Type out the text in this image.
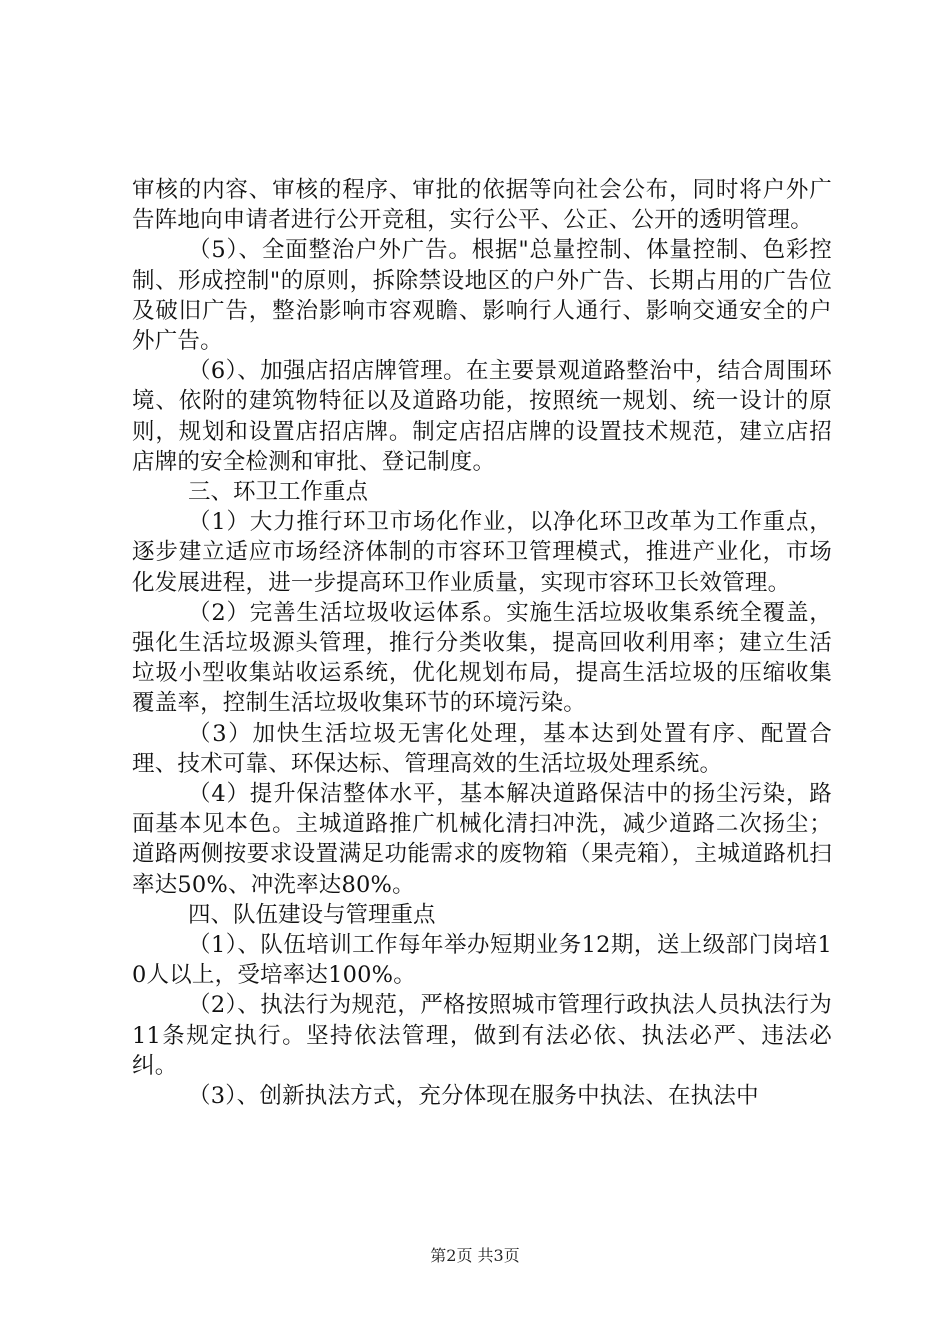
审核的内容、审核的程序、审批的依据等向社会公布，同时将户外广告阵地向申请者进行公开竞租，实行公平、公正、公开的透明管理。

（5）、全面整治户外广告。根据"总量控制、体量控制、色彩控制、形成控制"的原则，拆除禁设地区的户外广告、长期占用的广告位及破旧广告，整治影响市容观瞻、影响行人通行、影响交通安全的户外广告。

（6）、加强店招店牌管理。在主要景观道路整治中，结合周围环境、依附的建筑物特征以及道路功能，按照统一规划、统一设计的原则，规划和设置店招店牌。制定店招店牌的设置技术规范，建立店招店牌的安全检测和审批、登记制度。

三、环卫工作重点

（1）大力推行环卫市场化作业，以净化环卫改革为工作重点，逐步建立适应市场经济体制的市容环卫管理模式，推进产业化，市场化发展进程，进一步提高环卫作业质量，实现市容环卫长效管理。

（2）完善生活垃圾收运体系。实施生活垃圾收集系统全覆盖，强化生活垃圾源头管理，推行分类收集，提高回收利用率；建立生活垃圾小型收集站收运系统，优化规划布局，提高生活垃圾的压缩收集覆盖率，控制生活垃圾收集环节的环境污染。

（3）加快生活垃圾无害化处理，基本达到处置有序、配置合理、技术可靠、环保达标、管理高效的生活垃圾处理系统。

（4）提升保洁整体水平，基本解决道路保洁中的扬尘污染，路面基本见本色。主城道路推广机械化清扫冲洗，减少道路二次扬尘；道路两侧按要求设置满足功能需求的废物箱（果壳箱），主城道路机扫率达50%、冲洗率达80%。

四、队伍建设与管理重点

（1）、队伍培训工作每年举办短期业务12期，送上级部门岗培10人以上，受培率达100%。

（2）、执法行为规范，严格按照城市管理行政执法人员执法行为11条规定执行。坚持依法管理，做到有法必依、执法必严、违法必纠。

（3）、创新执法方式，充分体现在服务中执法、在执法中

第2页 共3页
